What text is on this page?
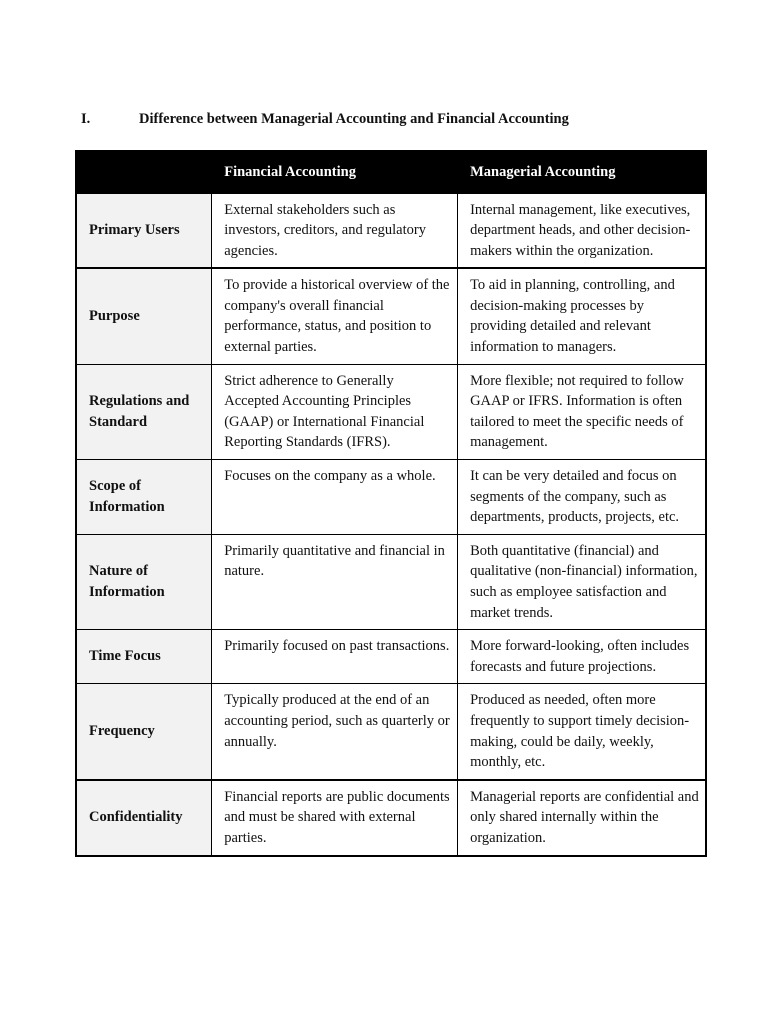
I.	Difference between Managerial Accounting and Financial Accounting
	Financial Accounting	Managerial Accounting
Primary Users	External stakeholders such as investors, creditors, and regulatory agencies.	Internal management, like executives, department heads, and other decision-makers within the organization.
Purpose	To provide a historical overview of the company's overall financial performance, status, and position to external parties.	To aid in planning, controlling, and decision-making processes by providing detailed and relevant information to managers.
Regulations and Standard	Strict adherence to Generally Accepted Accounting Principles (GAAP) or International Financial Reporting Standards (IFRS).	More flexible; not required to follow GAAP or IFRS. Information is often tailored to meet the specific needs of management.
Scope of Information	Focuses on the company as a whole.	It can be very detailed and focus on segments of the company, such as departments, products, projects, etc.
Nature of Information	Primarily quantitative and financial in nature.	Both quantitative (financial) and qualitative (non-financial) information, such as employee satisfaction and market trends.
Time Focus	Primarily focused on past transactions.	More forward-looking, often includes forecasts and future projections.
Frequency	Typically produced at the end of an accounting period, such as quarterly or annually.	Produced as needed, often more frequently to support timely decision-making, could be daily, weekly, monthly, etc.
Confidentiality	Financial reports are public documents and must be shared with external parties.	Managerial reports are confidential and only shared internally within the organization.
